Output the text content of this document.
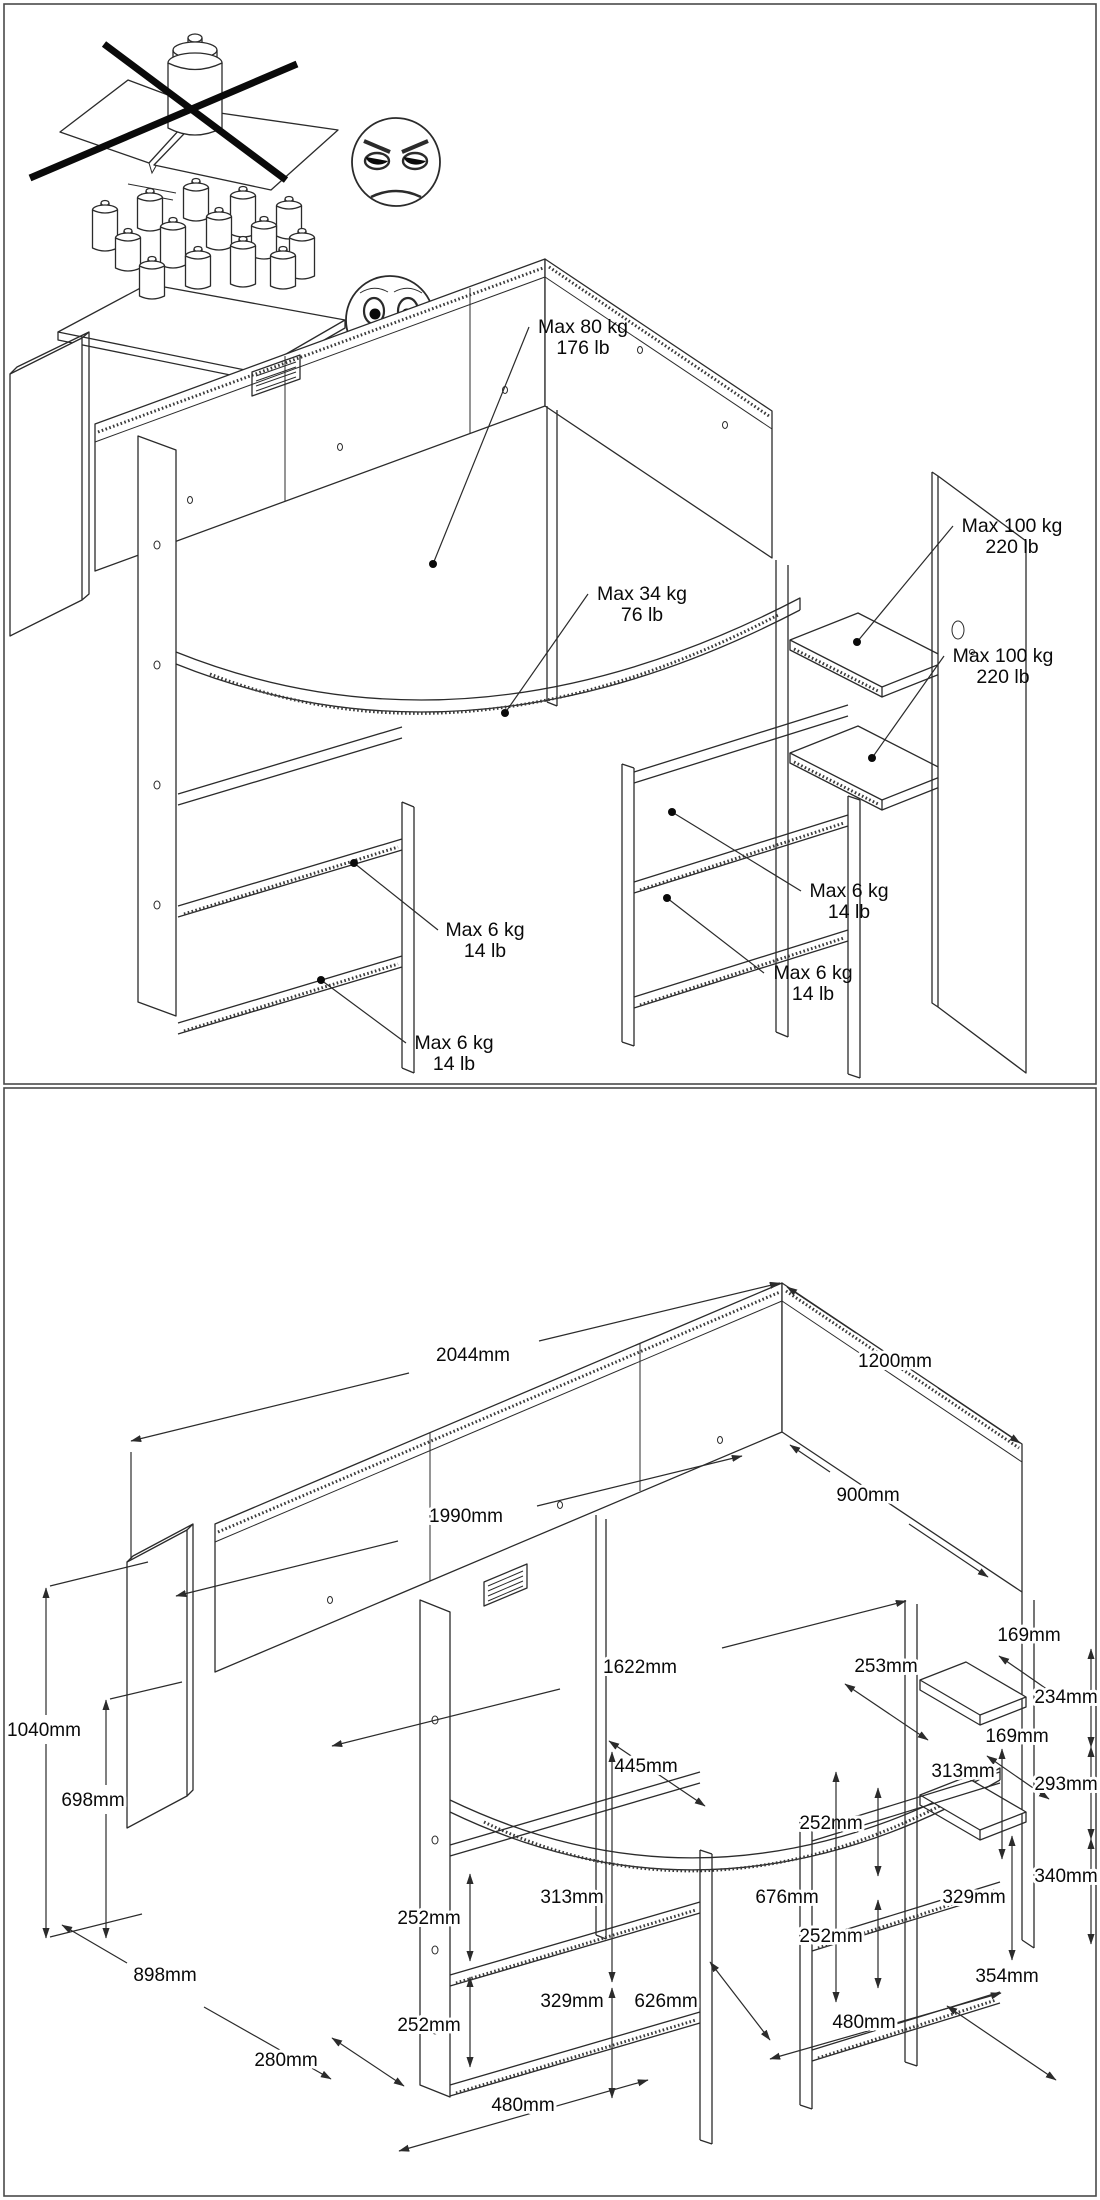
Max 80 kg 176 lb
Max 34 kg 76 lb
Max 100 kg 220 lb
Max 100 kg 220 lb
Max 6 kg 14 lb
Max 6 kg 14 lb
Max 6 kg 14 lb
Max 6 kg 14 lb
2044mm	1200mm
900mm
1990mm
1622mm	253mm
169mm
234mm
169mm
313mm
293mm
445mm
340mm
252mm
676mm	329mm
252mm
313mm
252mm
329mm
252mm
898mm
280mm
626mm
480mm
480mm
354mm
1040mm
698mm
